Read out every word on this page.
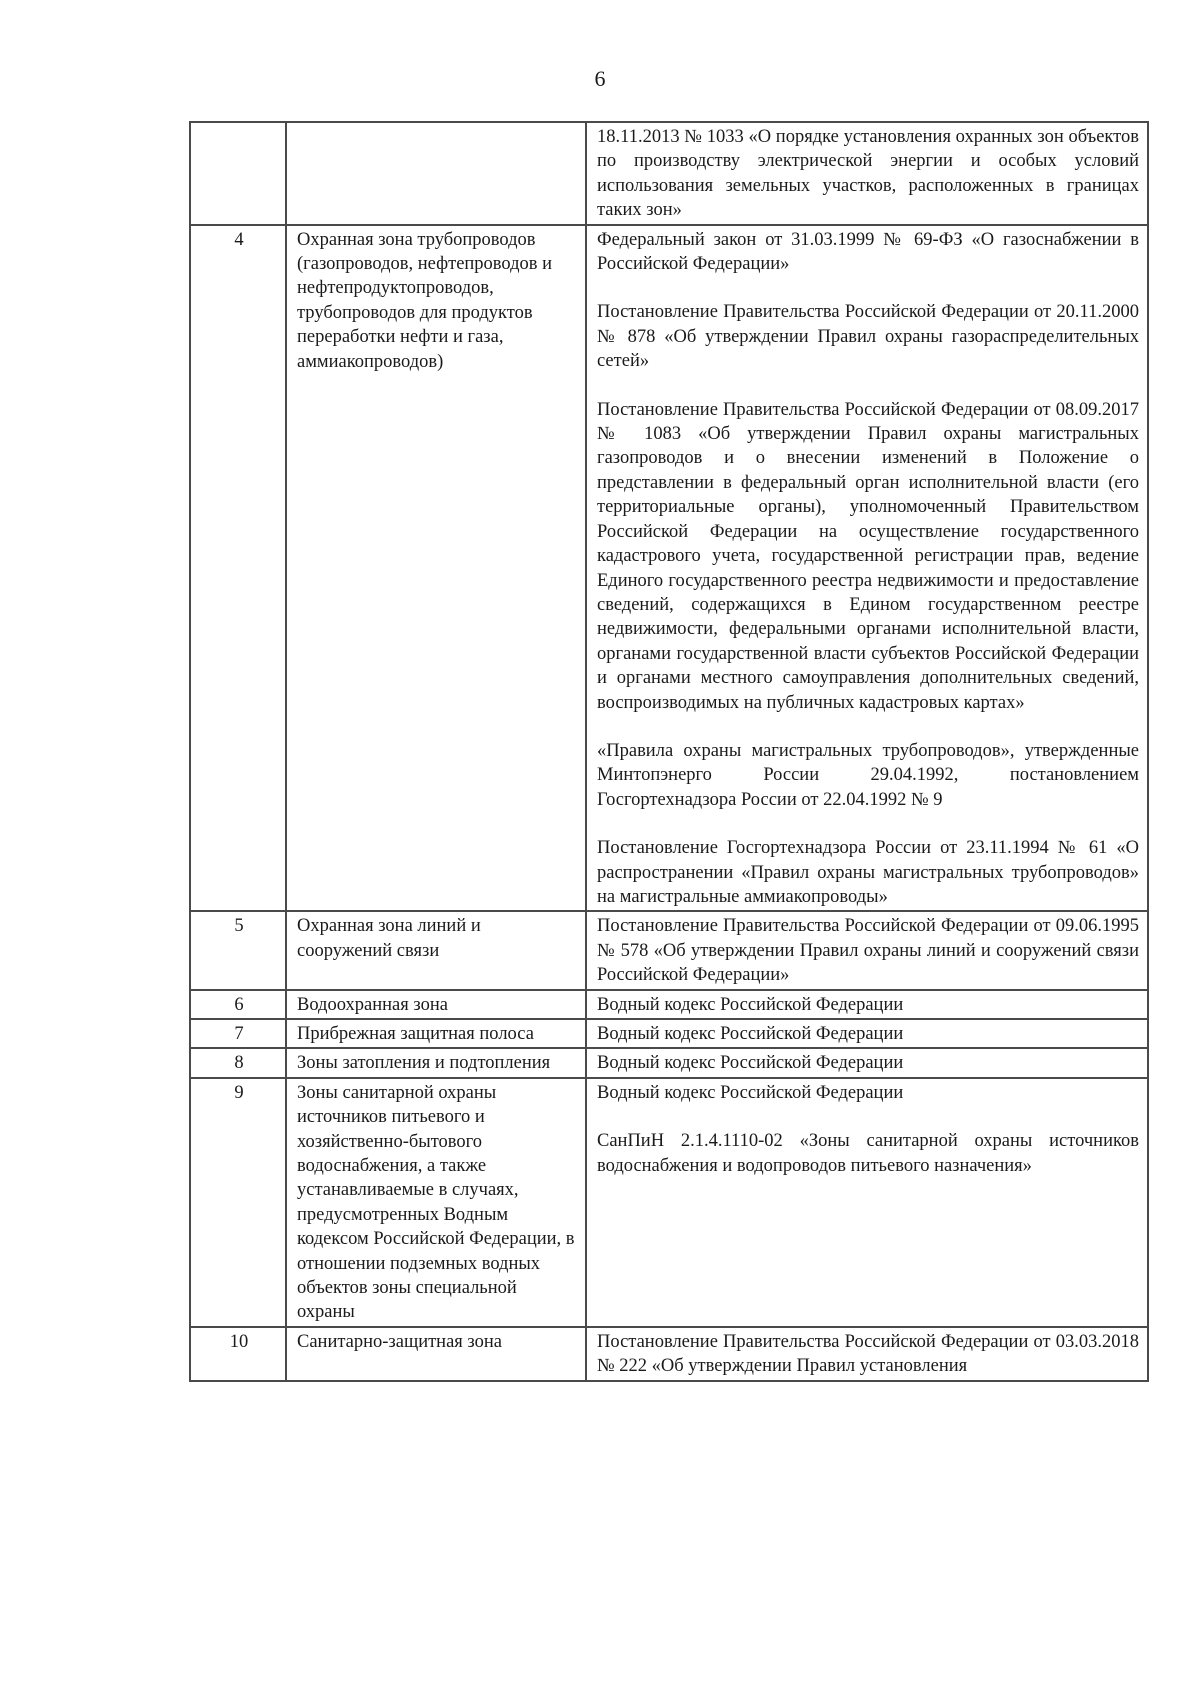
6

		18.11.2013 № 1033 «О порядке установления охранных зон объектов по производству электрической энергии и особых условий использования земельных участков, расположенных в границах таких зон»

4	Охранная зона трубопроводов (газопроводов, нефтепроводов и нефтепродуктопроводов, трубопроводов для продуктов переработки нефти и газа, аммиакопроводов)	Федеральный закон от 31.03.1999 № 69-ФЗ «О газоснабжении в Российской Федерации»

Постановление Правительства Российской Федерации от 20.11.2000 № 878 «Об утверждении Правил охраны газораспределительных сетей»

Постановление Правительства Российской Федерации от 08.09.2017 № 1083 «Об утверждении Правил охраны магистральных газопроводов и о внесении изменений в Положение о представлении в федеральный орган исполнительной власти (его территориальные органы), уполномоченный Правительством Российской Федерации на осуществление государственного кадастрового учета, государственной регистрации прав, ведение Единого государственного реестра недвижимости и предоставление сведений, содержащихся в Едином государственном реестре недвижимости, федеральными органами исполнительной власти, органами государственной власти субъектов Российской Федерации и органами местного самоуправления дополнительных сведений, воспроизводимых на публичных кадастровых картах»

«Правила охраны магистральных трубопроводов», утвержденные Минтопэнерго России 29.04.1992, постановлением Госгортехнадзора России от 22.04.1992 № 9

Постановление Госгортехнадзора России от 23.11.1994 № 61 «О распространении «Правил охраны магистральных трубопроводов» на магистральные аммиакопроводы»

5	Охранная зона линий и сооружений связи	Постановление Правительства Российской Федерации от 09.06.1995 № 578 «Об утверждении Правил охраны линий и сооружений связи Российской Федерации»

6	Водоохранная зона	Водный кодекс Российской Федерации

7	Прибрежная защитная полоса	Водный кодекс Российской Федерации

8	Зоны затопления и подтопления	Водный кодекс Российской Федерации

9	Зоны санитарной охраны источников питьевого и хозяйственно-бытового водоснабжения, а также устанавливаемые в случаях, предусмотренных Водным кодексом Российской Федерации, в отношении подземных водных объектов зоны специальной охраны	Водный кодекс Российской Федерации

СанПиН 2.1.4.1110-02 «Зоны санитарной охраны источников водоснабжения и водопроводов питьевого назначения»

10	Санитарно-защитная зона	Постановление Правительства Российской Федерации от 03.03.2018 № 222 «Об утверждении Правил установления
